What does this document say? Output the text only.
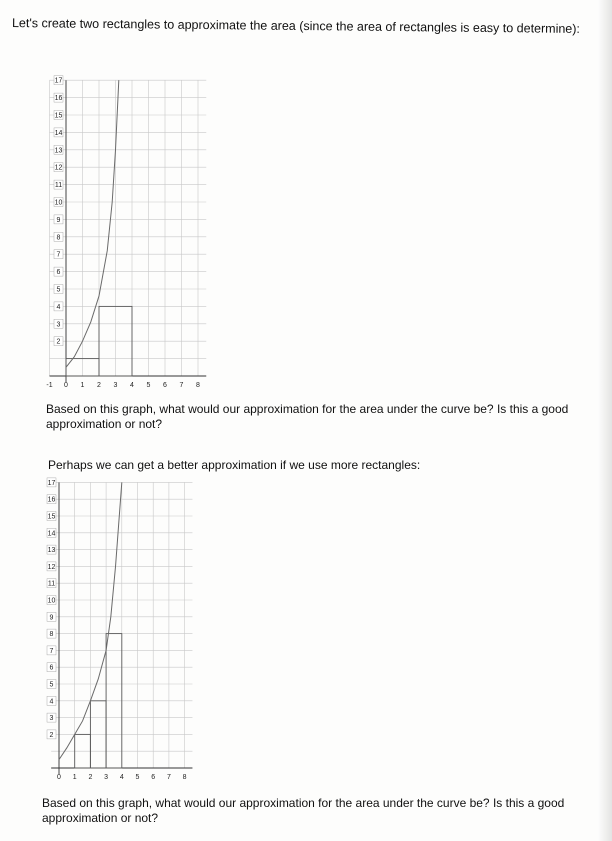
Let's create two rectangles to approximate the area (since the area of rectangles is easy to determine):

2
3
4
5
6
7
8
9
10
11
12
13
14
15
16
17
-1 0 1 2 3 4 5 6 7 8

Based on this graph, what would our approximation for the area under the curve be? Is this a good approximation or not?

Perhaps we can get a better approximation if we use more rectangles:

2
3
4
5
6
7
8
9
10
11
12
13
14
15
16
17
0 1 2 3 4 5 6 7 8

Based on this graph, what would our approximation for the area under the curve be? Is this a good approximation or not?
